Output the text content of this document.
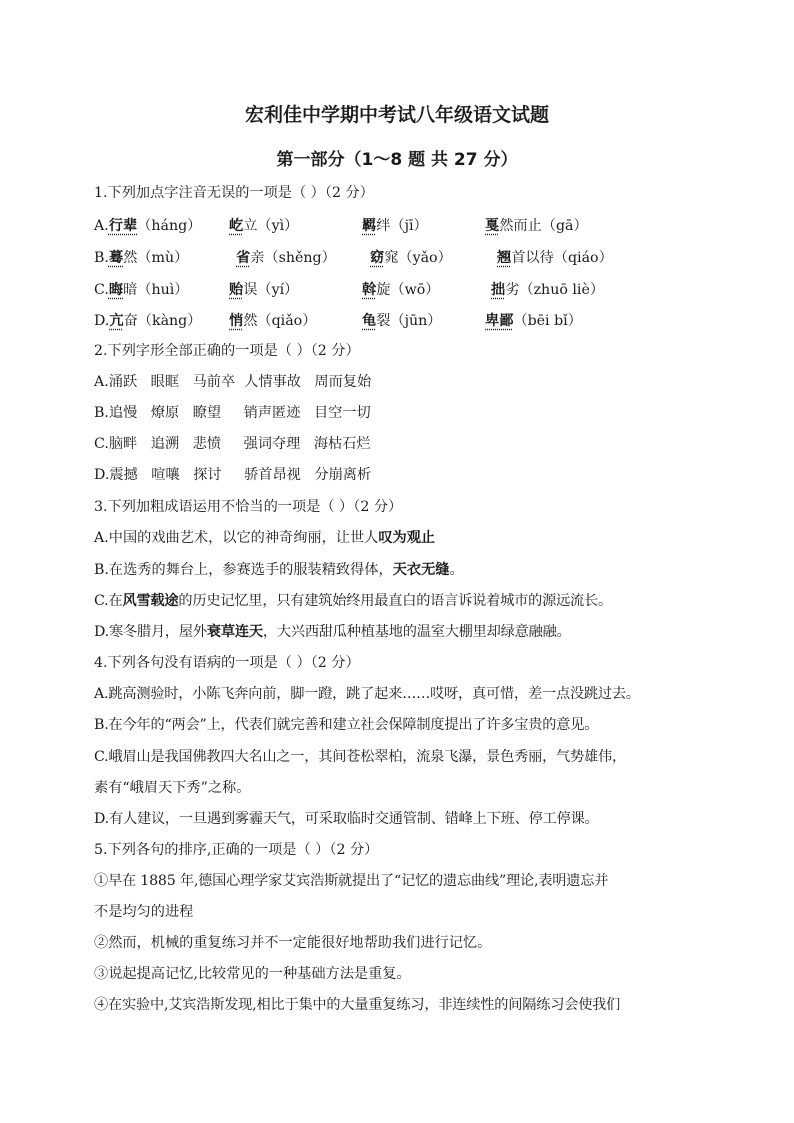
宏利佳中学期中考试八年级语文试题
第一部分（1～8 题 共 27 分）
1.下列加点字注音无误的一项是（ ）（2 分）
A.行辈（háng） 屹立（yì）	羁绊（jī）	戛然而止（gā）
B.蓦然（mù）	省亲（shěng） 窈窕（yǎo）	翘首以待（qiáo）
C.晦暗（huì）	贻误（yí）	斡旋（wō）	拙劣（zhuō liè）
D.亢奋（kàng） 悄然（qiǎo）	龟裂（jūn）	卑鄙（bēi bǐ）
2.下列字形全部正确的一项是（ ）（2 分）
A.涌跃   眼眶   马前卒  人情事故   周而复始
B.追慢   燎原   瞭望     销声匿迹   目空一切
C.脑畔   追溯   悲愤     强词夺理   海枯石烂
D.震撼   喧嚷   探讨     骄首昂视   分崩离析
3.下列加粗成语运用不恰当的一项是（ ）（2 分）
A.中国的戏曲艺术，以它的神奇绚丽，让世人叹为观止
B.在选秀的舞台上，参赛选手的服装精致得体，天衣无缝。
C.在风雪载途的历史记忆里，只有建筑始终用最直白的语言诉说着城市的源远流长。
D.寒冬腊月，屋外衰草连天，大兴西甜瓜种植基地的温室大棚里却绿意融融。
4.下列各句没有语病的一项是（ ）（2 分）
A.跳高测验时，小陈飞奔向前，脚一蹬，跳了起来……哎呀，真可惜，差一点没跳过去。
B.在今年的“两会”上，代表们就完善和建立社会保障制度提出了许多宝贵的意见。
C.峨眉山是我国佛教四大名山之一，其间苍松翠柏，流泉飞瀑，景色秀丽，气势雄伟，
素有“峨眉天下秀”之称。
D.有人建议，一旦遇到雾霾天气，可采取临时交通管制、错峰上下班、停工停课。
5.下列各句的排序,正确的一项是（ ）（2 分）
①早在 1885 年,德国心理学家艾宾浩斯就提出了“记忆的遗忘曲线”理论,表明遗忘并
不是均匀的进程
②然而，机械的重复练习并不一定能很好地帮助我们进行记忆。
③说起提高记忆,比较常见的一种基础方法是重复。
④在实验中,艾宾浩斯发现,相比于集中的大量重复练习，非连续性的间隔练习会使我们
